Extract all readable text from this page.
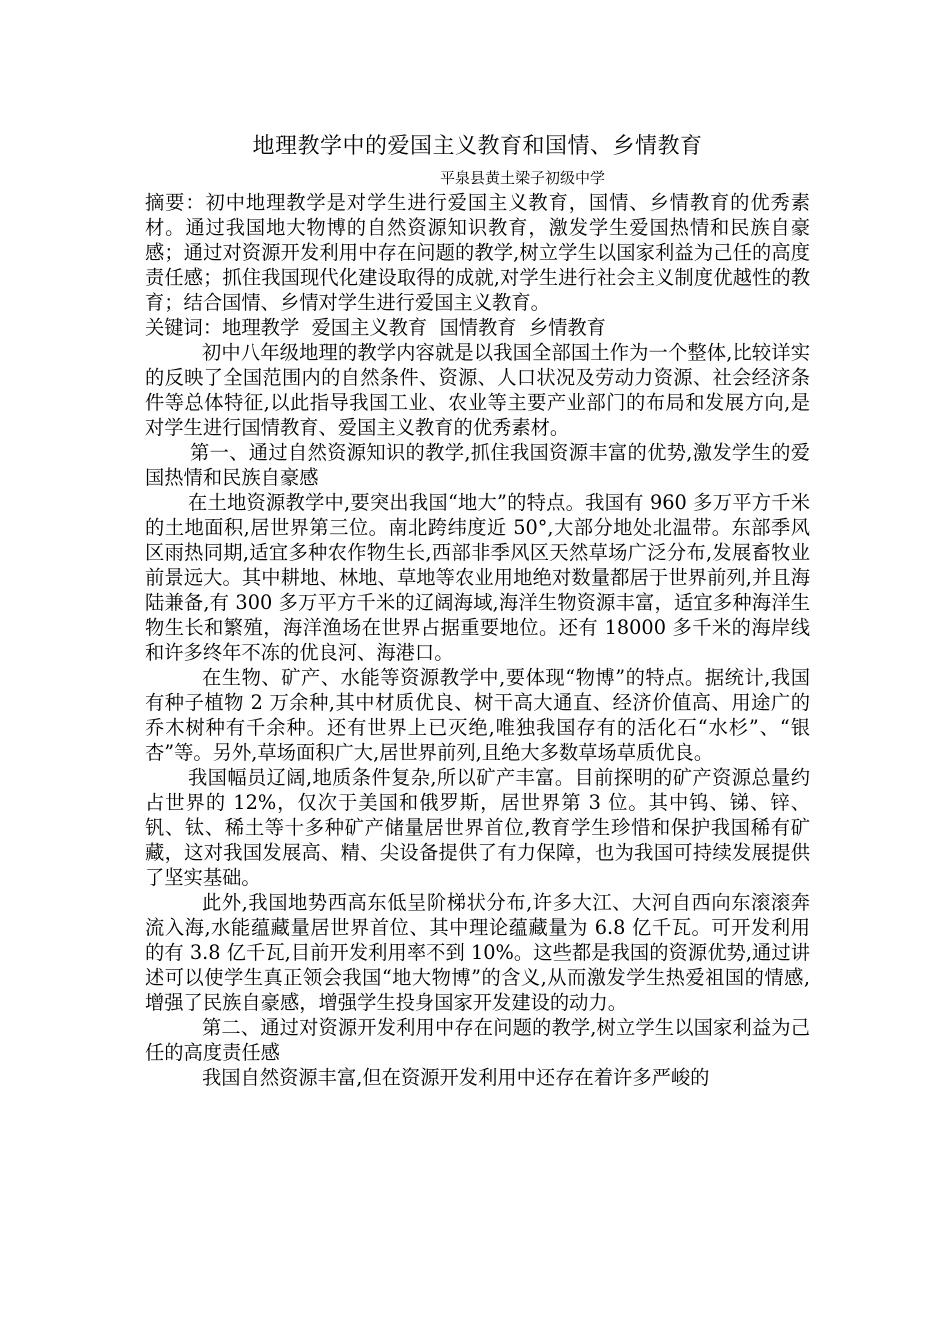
地理教学中的爱国主义教育和国情、乡情教育
平泉县黄土梁子初级中学

摘要：初中地理教学是对学生进行爱国主义教育，国情、乡情教育的优秀素材。通过我国地大物博的自然资源知识教育，激发学生爱国热情和民族自豪感；通过对资源开发利用中存在问题的教学,树立学生以国家利益为己任的高度责任感；抓住我国现代化建设取得的成就,对学生进行社会主义制度优越性的教育；结合国情、乡情对学生进行爱国主义教育。

关键词：地理教学  爱国主义教育  国情教育  乡情教育

初中八年级地理的教学内容就是以我国全部国土作为一个整体,比较详实的反映了全国范围内的自然条件、资源、人口状况及劳动力资源、社会经济条件等总体特征,以此指导我国工业、农业等主要产业部门的布局和发展方向,是对学生进行国情教育、爱国主义教育的优秀素材。

第一、通过自然资源知识的教学,抓住我国资源丰富的优势,激发学生的爱国热情和民族自豪感

在土地资源教学中,要突出我国“地大”的特点。我国有 960 多万平方千米的土地面积,居世界第三位。南北跨纬度近 50°,大部分地处北温带。东部季风区雨热同期,适宜多种农作物生长,西部非季风区天然草场广泛分布,发展畜牧业前景远大。其中耕地、林地、草地等农业用地绝对数量都居于世界前列,并且海陆兼备,有 300 多万平方千米的辽阔海域,海洋生物资源丰富，适宜多种海洋生物生长和繁殖，海洋渔场在世界占据重要地位。还有 18000 多千米的海岸线和许多终年不冻的优良河、海港口。

在生物、矿产、水能等资源教学中,要体现“物博”的特点。据统计,我国有种子植物 2 万余种,其中材质优良、树干高大通直、经济价值高、用途广的乔木树种有千余种。还有世界上已灭绝,唯独我国存有的活化石“水杉”、“银杏”等。另外,草场面积广大,居世界前列,且绝大多数草场草质优良。

我国幅员辽阔,地质条件复杂,所以矿产丰富。目前探明的矿产资源总量约占世界的 12%，仅次于美国和俄罗斯，居世界第 3 位。其中钨、锑、锌、钒、钛、稀土等十多种矿产储量居世界首位,教育学生珍惜和保护我国稀有矿藏，这对我国发展高、精、尖设备提供了有力保障，也为我国可持续发展提供了坚实基础。

此外,我国地势西高东低呈阶梯状分布,许多大江、大河自西向东滚滚奔流入海,水能蕴藏量居世界首位、其中理论蕴藏量为 6.8 亿千瓦。可开发利用的有 3.8 亿千瓦,目前开发利用率不到 10%。这些都是我国的资源优势,通过讲述可以使学生真正领会我国“地大物博”的含义,从而激发学生热爱祖国的情感,增强了民族自豪感，增强学生投身国家开发建设的动力。

第二、通过对资源开发利用中存在问题的教学,树立学生以国家利益为己任的高度责任感

我国自然资源丰富,但在资源开发利用中还存在着许多严峻的
